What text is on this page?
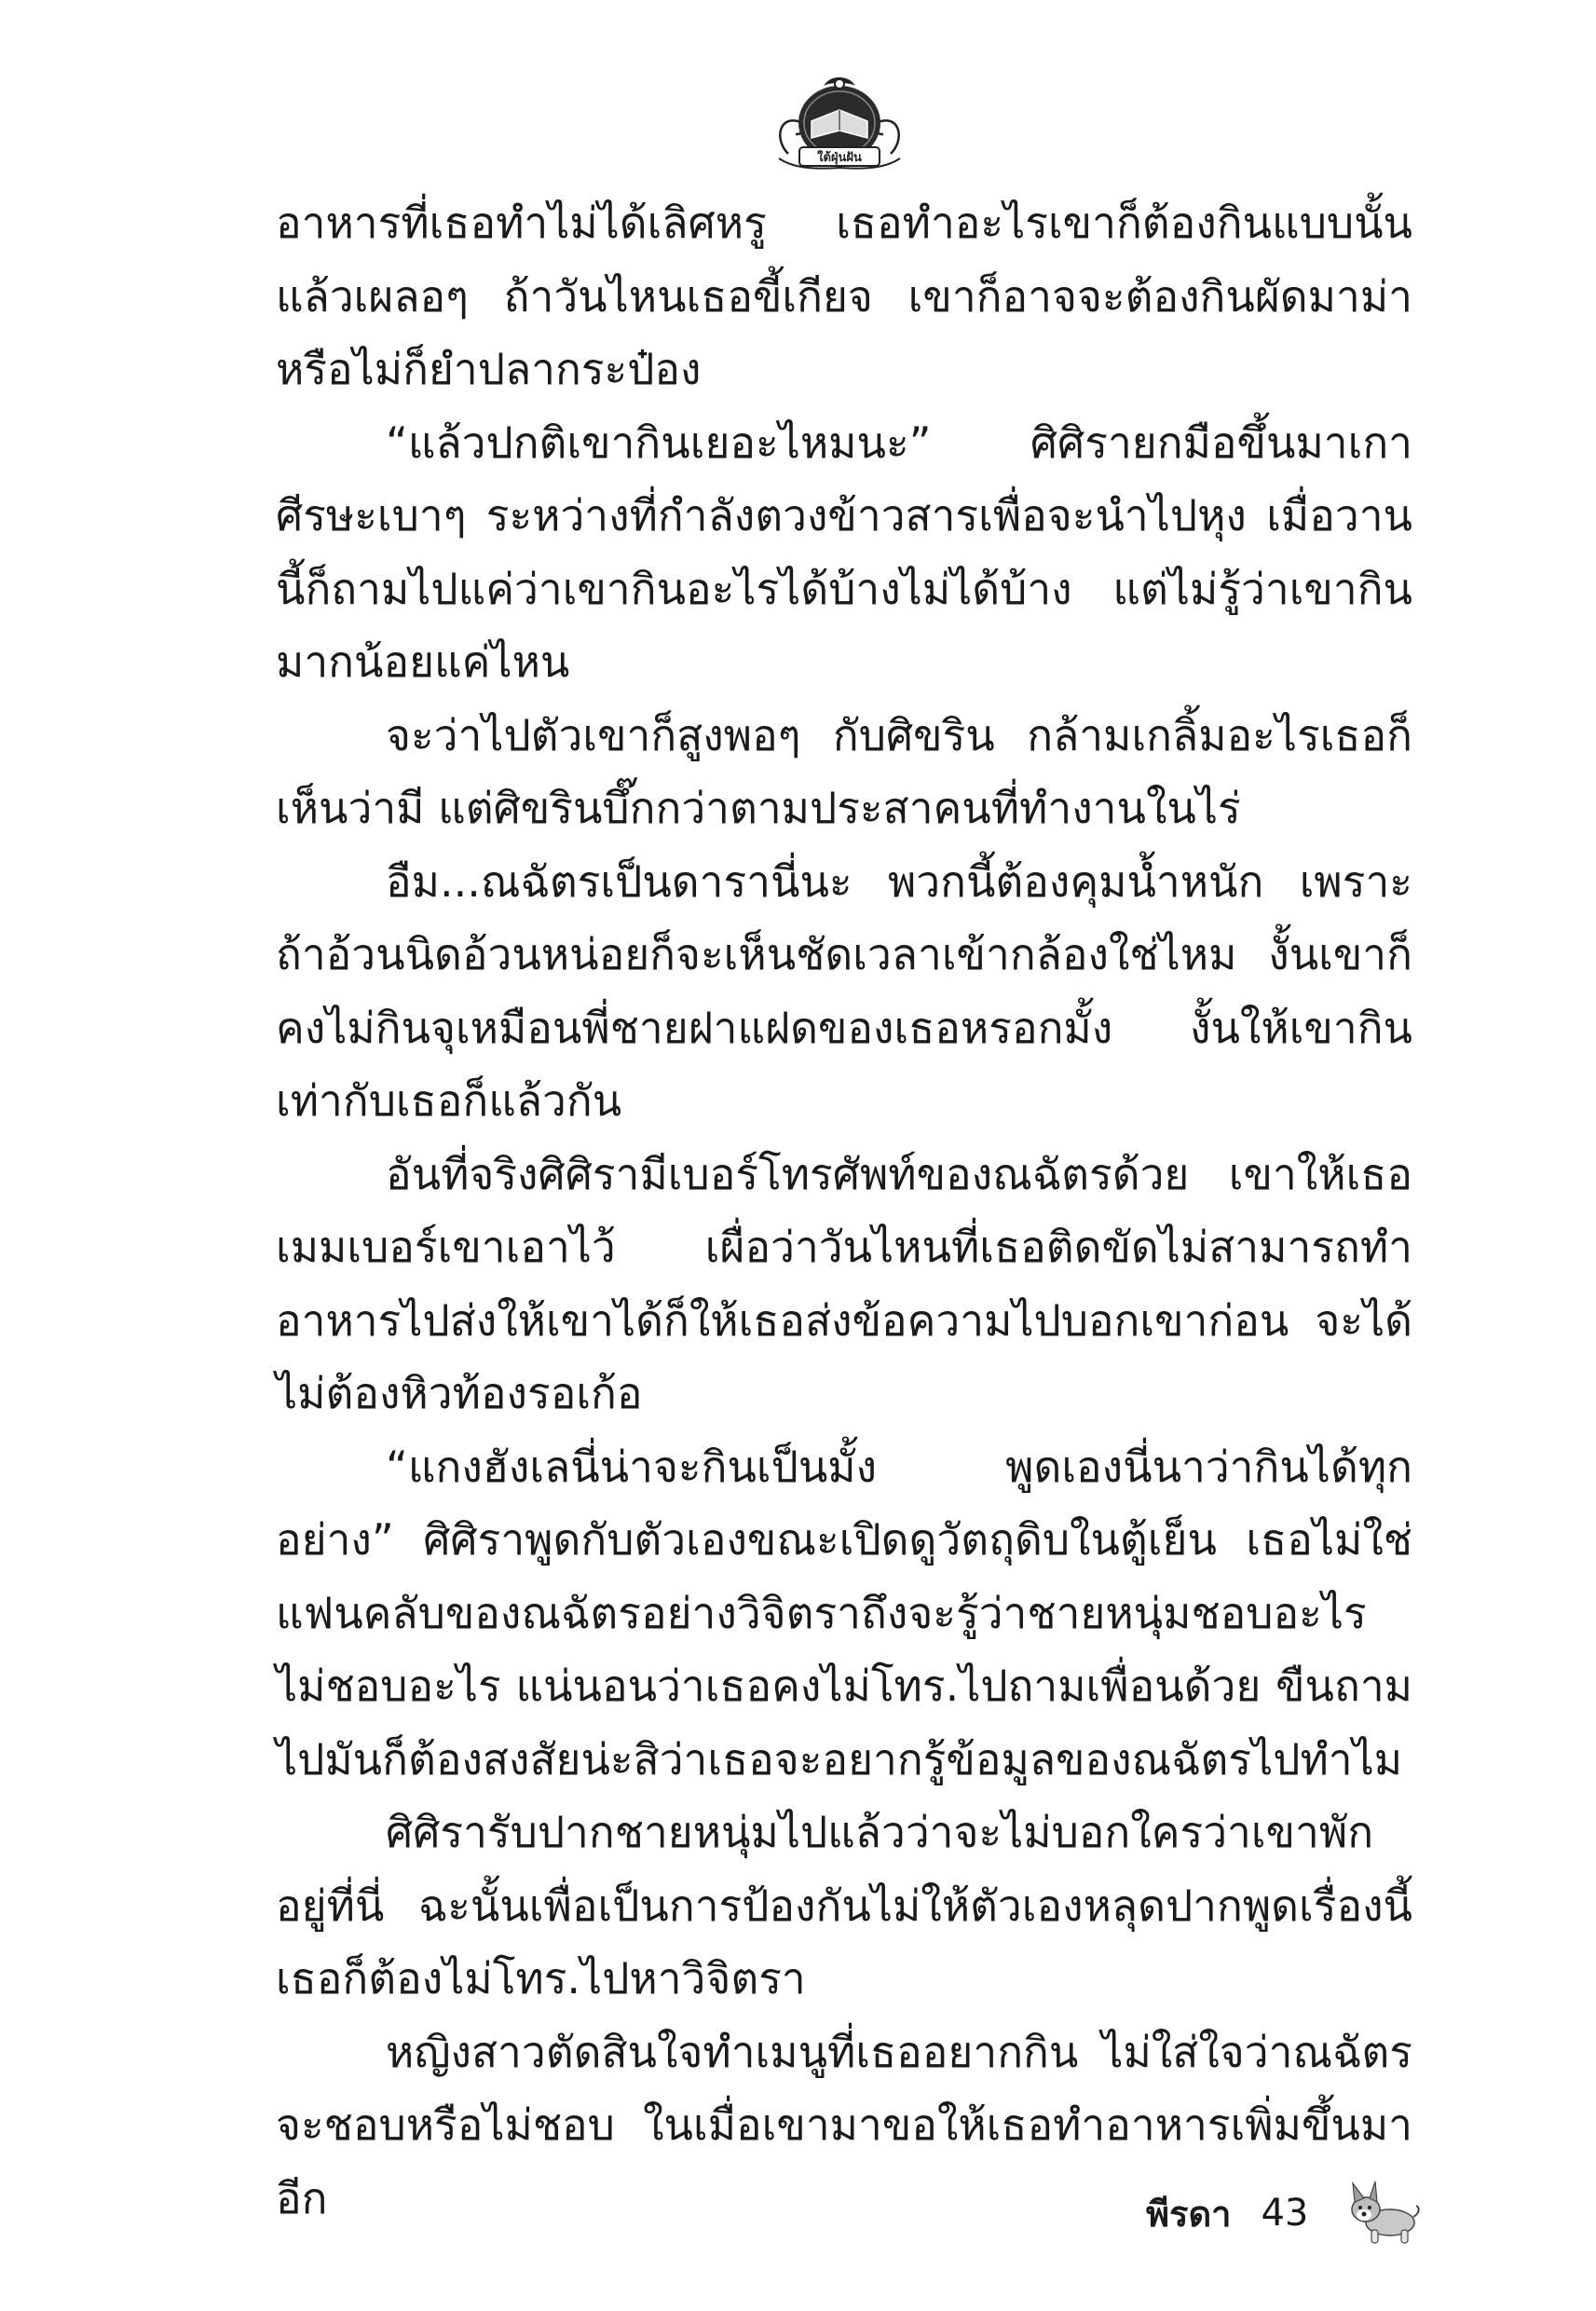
ใต้ฝุ่นฝัน

อาหารที่เธอทำไม่ได้เลิศหรู เธอทำอะไรเขาก็ต้องกินแบบนั้น แล้วเผลอๆ ถ้าวันไหนเธอขี้เกียจ เขาก็อาจจะต้องกินผัดมาม่าหรือไม่ก็ยำปลากระป๋อง

“แล้วปกติเขากินเยอะไหมนะ” ศิศิรายกมือขึ้นมาเกาศีรษะเบาๆ ระหว่างที่กำลังตวงข้าวสารเพื่อจะนำไปหุง เมื่อวานนี้ก็ถามไปแค่ว่าเขากินอะไรได้บ้างไม่ได้บ้าง แต่ไม่รู้ว่าเขากินมากน้อยแค่ไหน

จะว่าไปตัวเขาก็สูงพอๆ กับศิขริน กล้ามเกลิ้มอะไรเธอก็เห็นว่ามี แต่ศิขรินบึ๊กกว่าตามประสาคนที่ทำงานในไร่

อืม...ณฉัตรเป็นดารานี่นะ พวกนี้ต้องคุมน้ำหนัก เพราะถ้าอ้วนนิดอ้วนหน่อยก็จะเห็นชัดเวลาเข้ากล้องใช่ไหม งั้นเขาก็คงไม่กินจุเหมือนพี่ชายฝาแฝดของเธอหรอกมั้ง งั้นให้เขากินเท่ากับเธอก็แล้วกัน

อันที่จริงศิศิรามีเบอร์โทรศัพท์ของณฉัตรด้วย เขาให้เธอเมมเบอร์เขาเอาไว้ เผื่อว่าวันไหนที่เธอติดขัดไม่สามารถทำอาหารไปส่งให้เขาได้ก็ให้เธอส่งข้อความไปบอกเขาก่อน จะได้ไม่ต้องหิวท้องรอเก้อ

“แกงฮังเลนี่น่าจะกินเป็นมั้ง พูดเองนี่นาว่ากินได้ทุกอย่าง” ศิศิราพูดกับตัวเองขณะเปิดดูวัตถุดิบในตู้เย็น เธอไม่ใช่แฟนคลับของณฉัตรอย่างวิจิตราถึงจะรู้ว่าชายหนุ่มชอบอะไรไม่ชอบอะไร แน่นอนว่าเธอคงไม่โทร.ไปถามเพื่อนด้วย ขืนถามไปมันก็ต้องสงสัยน่ะสิว่าเธอจะอยากรู้ข้อมูลของณฉัตรไปทำไม

ศิศิรารับปากชายหนุ่มไปแล้วว่าจะไม่บอกใครว่าเขาพักอยู่ที่นี่ ฉะนั้นเพื่อเป็นการป้องกันไม่ให้ตัวเองหลุดปากพูดเรื่องนี้ เธอก็ต้องไม่โทร.ไปหาวิจิตรา

หญิงสาวตัดสินใจทำเมนูที่เธออยากกิน ไม่ใส่ใจว่าณฉัตรจะชอบหรือไม่ชอบ ในเมื่อเขามาขอให้เธอทำอาหารเพิ่มขึ้นมาอีก	พีรดา 43
